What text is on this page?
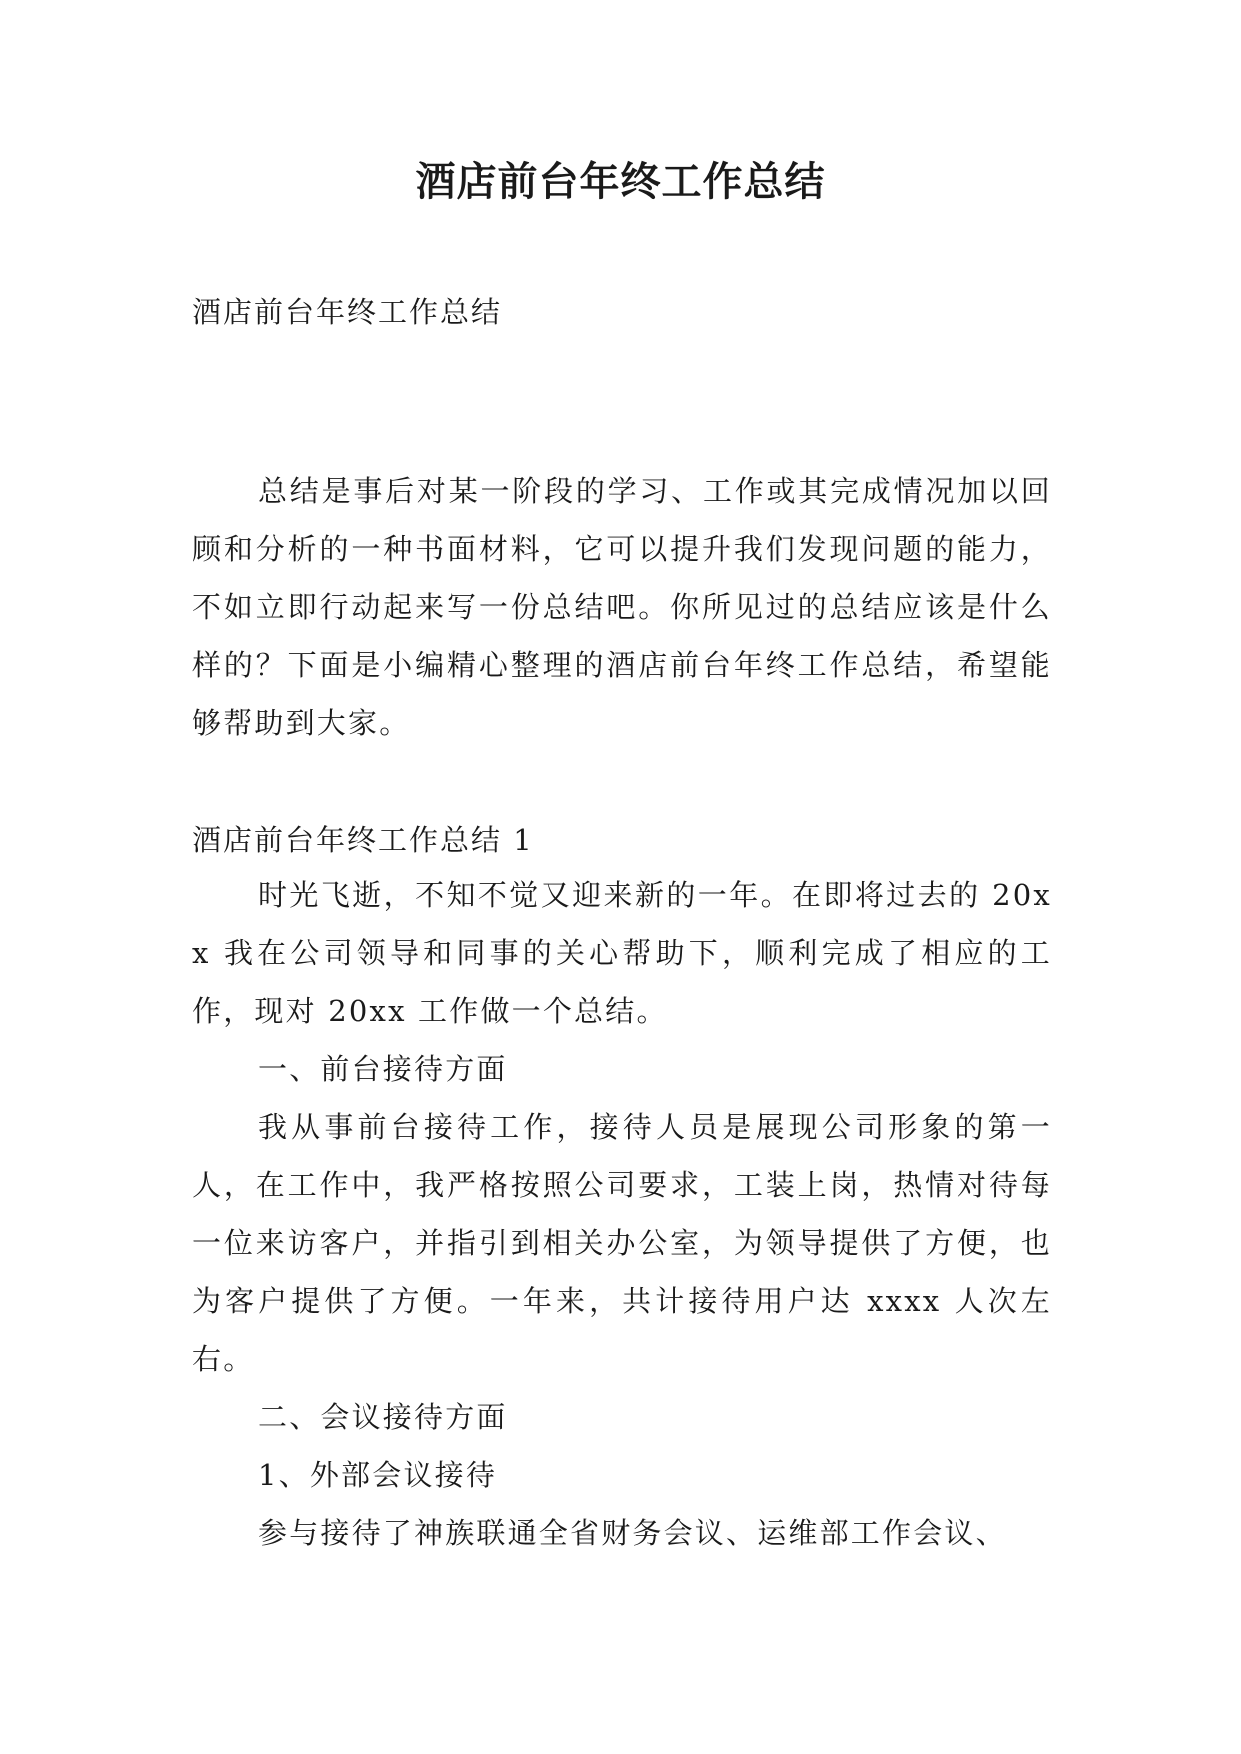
酒店前台年终工作总结

酒店前台年终工作总结

总结是事后对某一阶段的学习、工作或其完成情况加以回顾和分析的一种书面材料，它可以提升我们发现问题的能力，不如立即行动起来写一份总结吧。你所见过的总结应该是什么样的？下面是小编精心整理的酒店前台年终工作总结，希望能够帮助到大家。

酒店前台年终工作总结 1

时光飞逝，不知不觉又迎来新的一年。在即将过去的 20xx 我在公司领导和同事的关心帮助下，顺利完成了相应的工作，现对 20xx 工作做一个总结。

一、前台接待方面

我从事前台接待工作，接待人员是展现公司形象的第一人，在工作中，我严格按照公司要求，工装上岗，热情对待每一位来访客户，并指引到相关办公室，为领导提供了方便，也为客户提供了方便。一年来，共计接待用户达 xxxx 人次左右。

二、会议接待方面

1、外部会议接待

参与接待了神族联通全省财务会议、运维部工作会议、
